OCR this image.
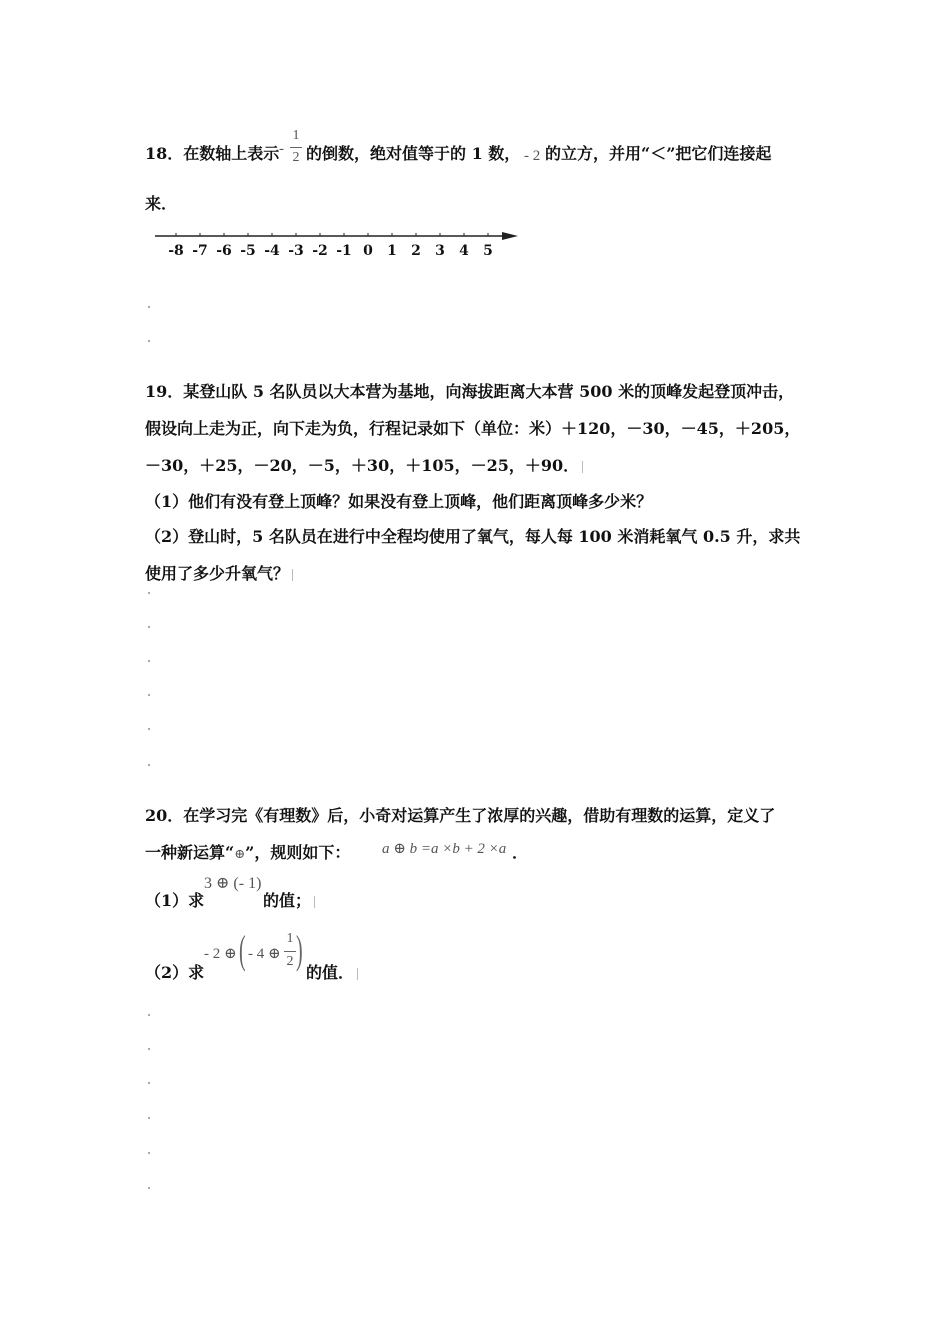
18．在数轴上表示 -
1
2 的倒数，绝对值等于的 1 数， - 2 的立方，并用“＜”把它们连接起
来．
-8 -7 -6 -5 -4 -3 -2 -1 0	1	2	3	4	5
19．某登山队 5 名队员以大本营为基地，向海拔距离大本营 500 米的顶峰发起登顶冲击，
假设向上走为正，向下走为负，行程记录如下（单位：米）＋120，－30，－45，＋205，
－30，＋25，－20，－5，＋30，＋105，－25，＋90．
（1）他们有没有登上顶峰？如果没有登上顶峰，他们距离顶峰多少米？
（2）登山时，5 名队员在进行中全程均使用了氧气，每人每 100 米消耗氧气 0.5 升，求共
使用了多少升氧气？
20．在学习完《有理数》后，小奇对运算产生了浓厚的兴趣，借助有理数的运算，定义了
一种新运算“⊕”，规则如下： a ⊕ b =a ×b + 2 ×a ．
（1）求
3 ⊕ (- 1)
的值；
（2）求
- 2 ⊕ ( - 4 ⊕
1
2 )
的值．
